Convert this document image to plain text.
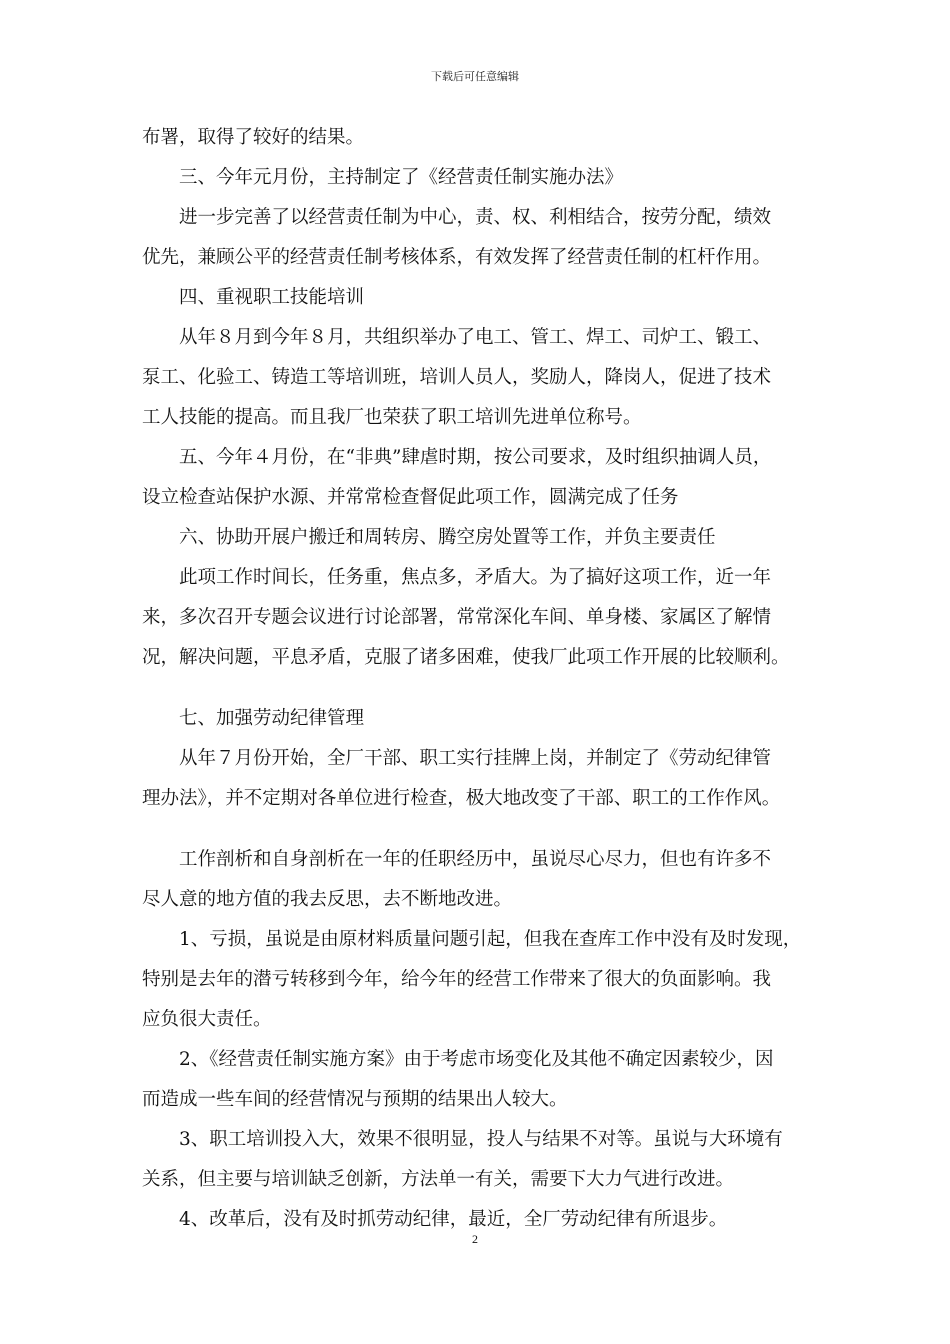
下载后可任意编辑
布署，取得了较好的结果。
三、今年元月份，主持制定了《经营责任制实施办法》
进一步完善了以经营责任制为中心，责、权、利相结合，按劳分配，绩效
优先，兼顾公平的经营责任制考核体系，有效发挥了经营责任制的杠杆作用。
四、重视职工技能培训
从年８月到今年８月，共组织举办了电工、管工、焊工、司炉工、锻工、
泵工、化验工、铸造工等培训班，培训人员人，奖励人，降岗人，促进了技术
工人技能的提高。而且我厂也荣获了职工培训先进单位称号。
五、今年４月份，在“非典”肆虐时期，按公司要求，及时组织抽调人员，
设立检查站保护水源、并常常检查督促此项工作，圆满完成了任务
六、协助开展户搬迁和周转房、腾空房处置等工作，并负主要责任
此项工作时间长，任务重，焦点多，矛盾大。为了搞好这项工作，近一年
来，多次召开专题会议进行讨论部署，常常深化车间、单身楼、家属区了解情
况，解决问题，平息矛盾，克服了诸多困难，使我厂此项工作开展的比较顺利。
七、加强劳动纪律管理
从年７月份开始，全厂干部、职工实行挂牌上岗，并制定了《劳动纪律管
理办法》，并不定期对各单位进行检查，极大地改变了干部、职工的工作作风。
工作剖析和自身剖析在一年的任职经历中，虽说尽心尽力，但也有许多不
尽人意的地方值的我去反思，去不断地改进。
1、亏损，虽说是由原材料质量问题引起，但我在查库工作中没有及时发现，
特别是去年的潜亏转移到今年，给今年的经营工作带来了很大的负面影响。我
应负很大责任。
2、《经营责任制实施方案》由于考虑市场变化及其他不确定因素较少，因
而造成一些车间的经营情况与预期的结果出人较大。
3、职工培训投入大，效果不很明显，投人与结果不对等。虽说与大环境有
关系，但主要与培训缺乏创新，方法单一有关，需要下大力气进行改进。
4、改革后，没有及时抓劳动纪律，最近，全厂劳动纪律有所退步。
2
